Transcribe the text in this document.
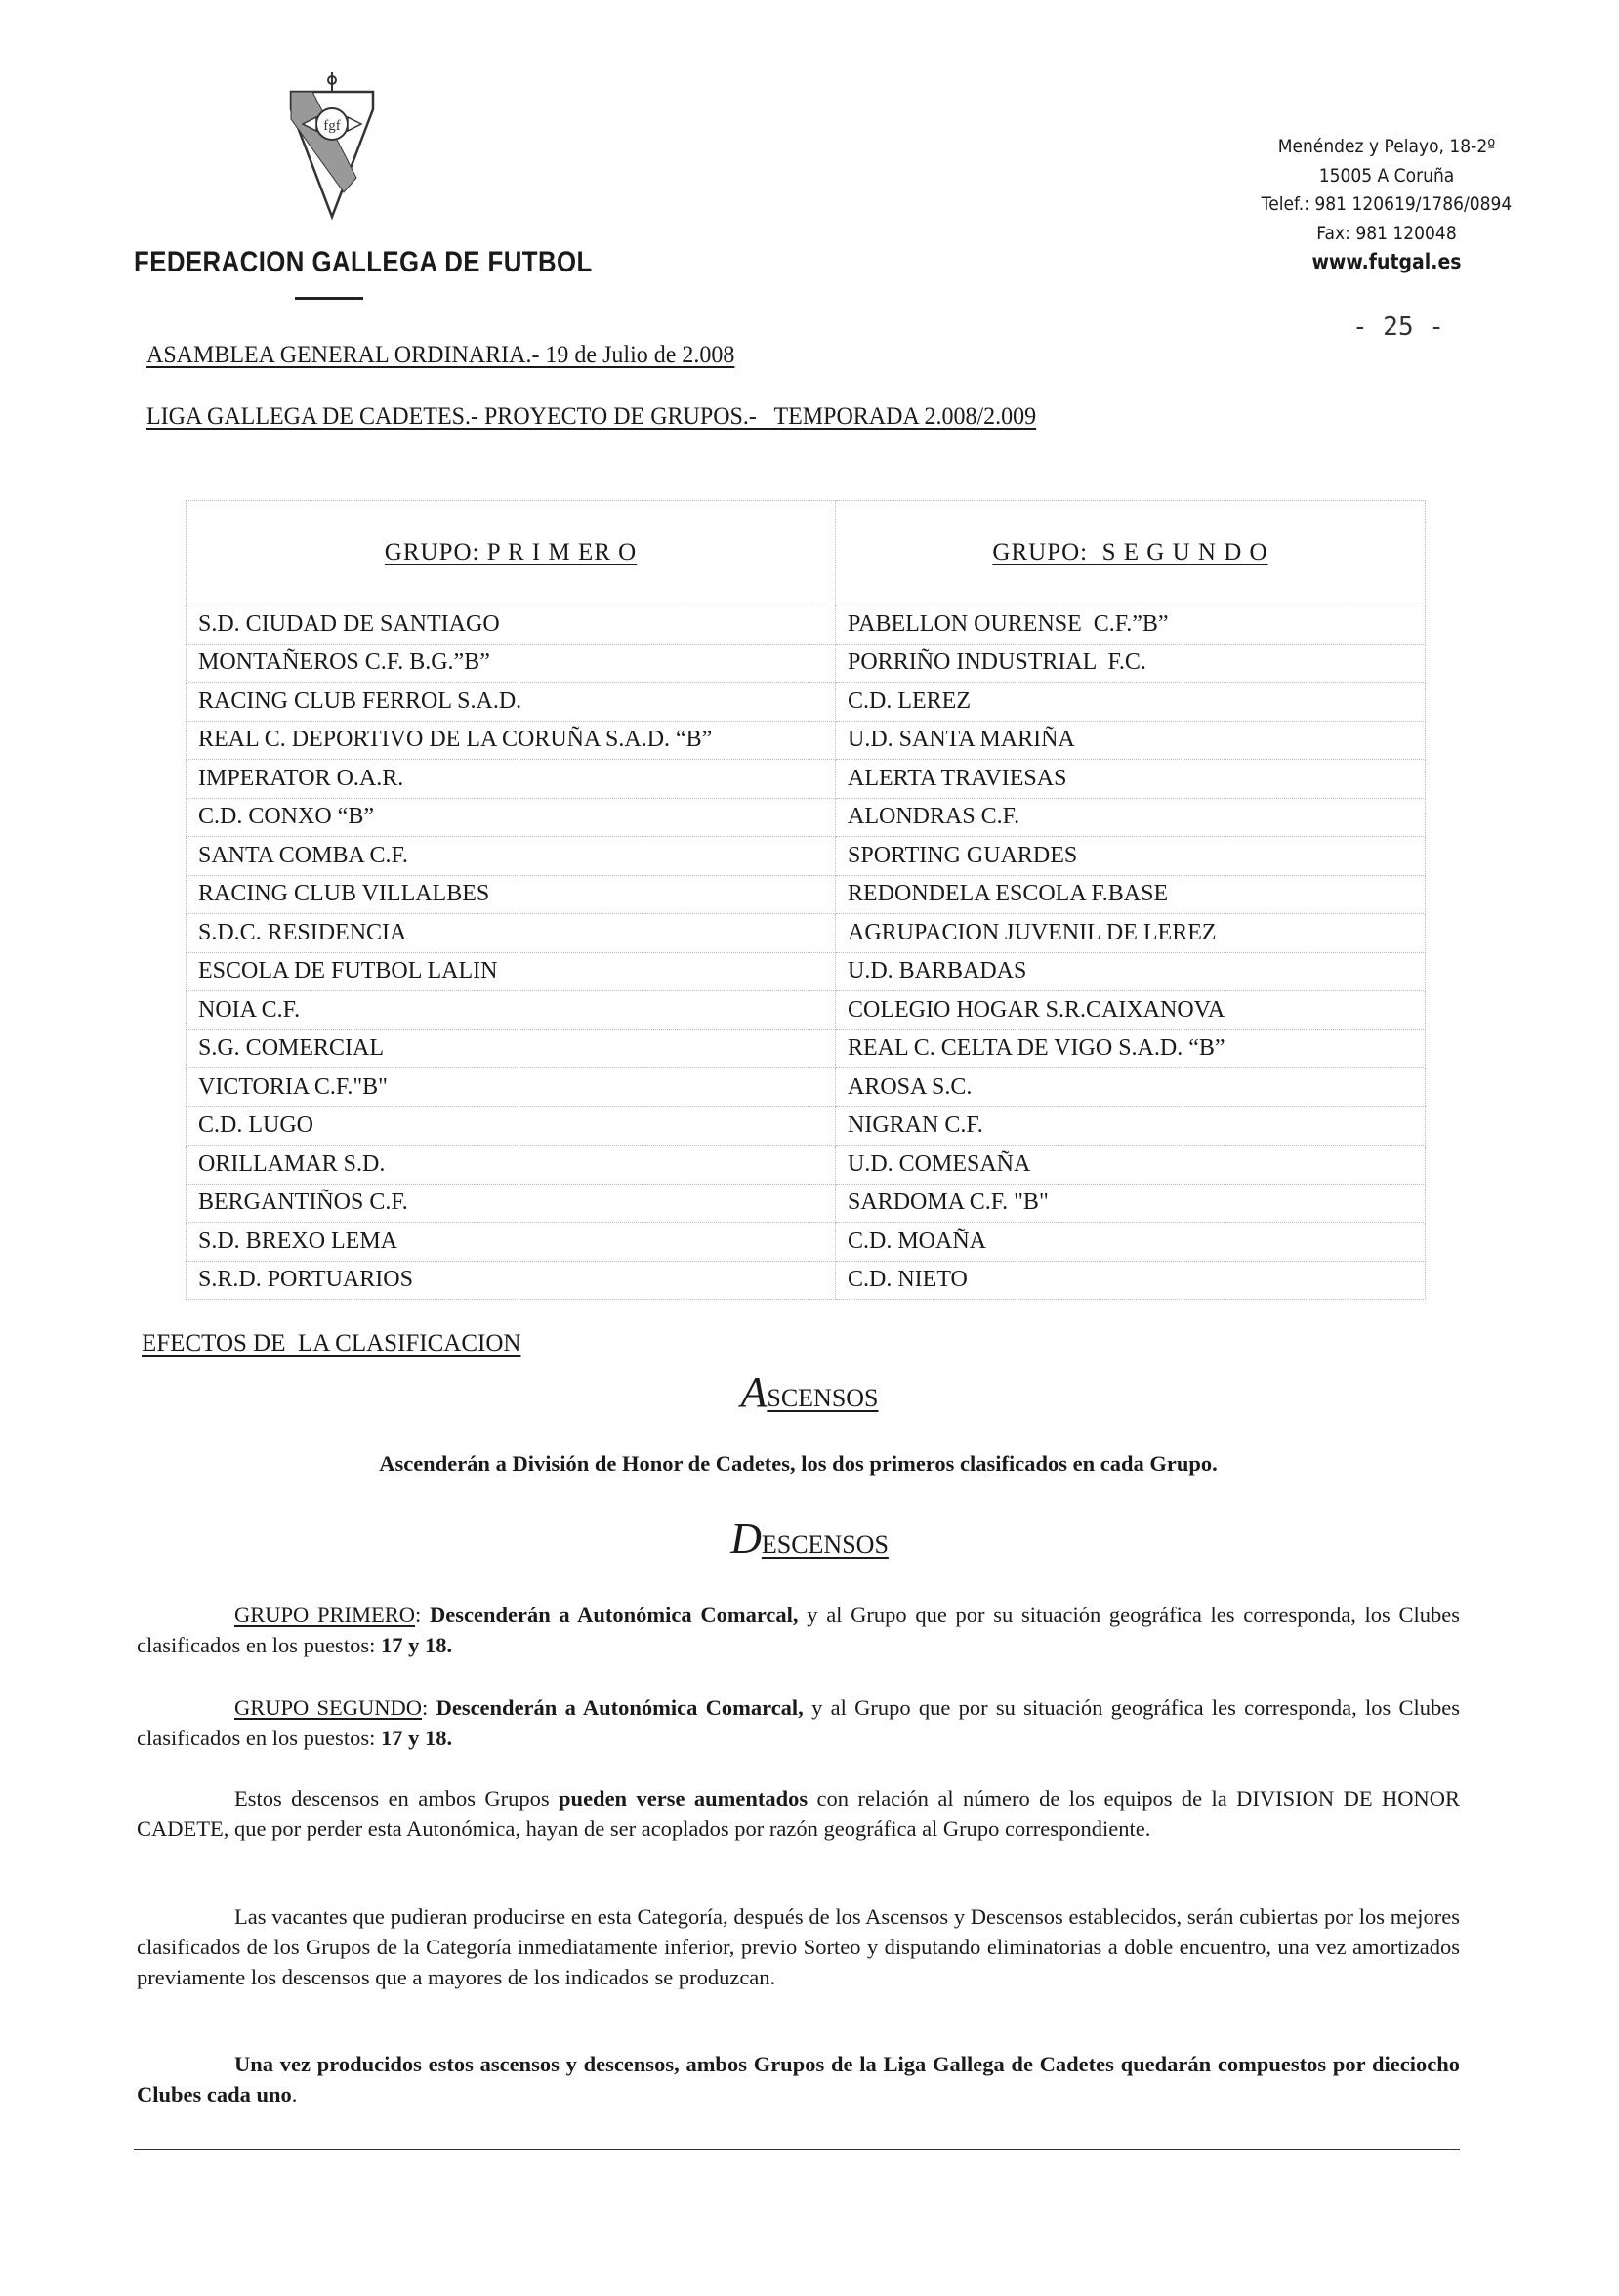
fgf
FEDERACION GALLEGA DE FUTBOL
Menéndez y Pelayo, 18-2º
15005 A Coruña
Telef.: 981 120619/1786/0894
Fax: 981 120048
www.futgal.es
- 25 -
ASAMBLEA GENERAL ORDINARIA.- 19 de Julio de 2.008
LIGA GALLEGA DE CADETES.- PROYECTO DE GRUPOS.-   TEMPORADA 2.008/2.009
GRUPO: P R I M ER O	GRUPO:  S E G U N D O
S.D. CIUDAD DE SANTIAGO	PABELLON OURENSE  C.F.”B”
MONTAÑEROS C.F. B.G.”B”	PORRIÑO INDUSTRIAL  F.C.
RACING CLUB FERROL S.A.D.	C.D. LEREZ
REAL C. DEPORTIVO DE LA CORUÑA S.A.D. “B”	U.D. SANTA MARIÑA
IMPERATOR O.A.R.	ALERTA TRAVIESAS
C.D. CONXO “B”	ALONDRAS C.F.
SANTA COMBA C.F.	SPORTING GUARDES
RACING CLUB VILLALBES	REDONDELA ESCOLA F.BASE
S.D.C. RESIDENCIA	AGRUPACION JUVENIL DE LEREZ
ESCOLA DE FUTBOL LALIN	U.D. BARBADAS
NOIA C.F.	COLEGIO HOGAR S.R.CAIXANOVA
S.G. COMERCIAL	REAL C. CELTA DE VIGO S.A.D. “B”
VICTORIA C.F."B"	AROSA S.C.
C.D. LUGO	NIGRAN C.F.
ORILLAMAR S.D.	U.D. COMESAÑA
BERGANTIÑOS C.F.	SARDOMA C.F. "B"
S.D. BREXO LEMA	C.D. MOAÑA
S.R.D. PORTUARIOS	C.D. NIETO
EFECTOS DE  LA CLASIFICACION
ASCENSOS
Ascenderán a División de Honor de Cadetes, los dos primeros clasificados en cada Grupo.
DESCENSOS
GRUPO PRIMERO: Descenderán a Autonómica Comarcal, y al Grupo que por su situación geográfica les corresponda, los Clubes clasificados en los puestos: 17 y 18.
GRUPO SEGUNDO: Descenderán a Autonómica Comarcal, y al Grupo que por su situación geográfica les corresponda, los Clubes clasificados en los puestos: 17 y 18.
Estos descensos en ambos Grupos pueden verse aumentados con relación al número de los equipos de la DIVISION DE HONOR CADETE, que por perder esta Autonómica, hayan de ser acoplados por razón geográfica al Grupo correspondiente.
Las vacantes que pudieran producirse en esta Categoría, después de los Ascensos y Descensos establecidos, serán cubiertas por los mejores clasificados de los Grupos de la Categoría inmediatamente inferior, previo Sorteo y disputando eliminatorias a doble encuentro, una vez amortizados previamente los descensos que a mayores de los indicados se produzcan.
Una vez producidos estos ascensos y descensos, ambos Grupos de la Liga Gallega de Cadetes quedarán compuestos por dieciocho Clubes cada uno.
